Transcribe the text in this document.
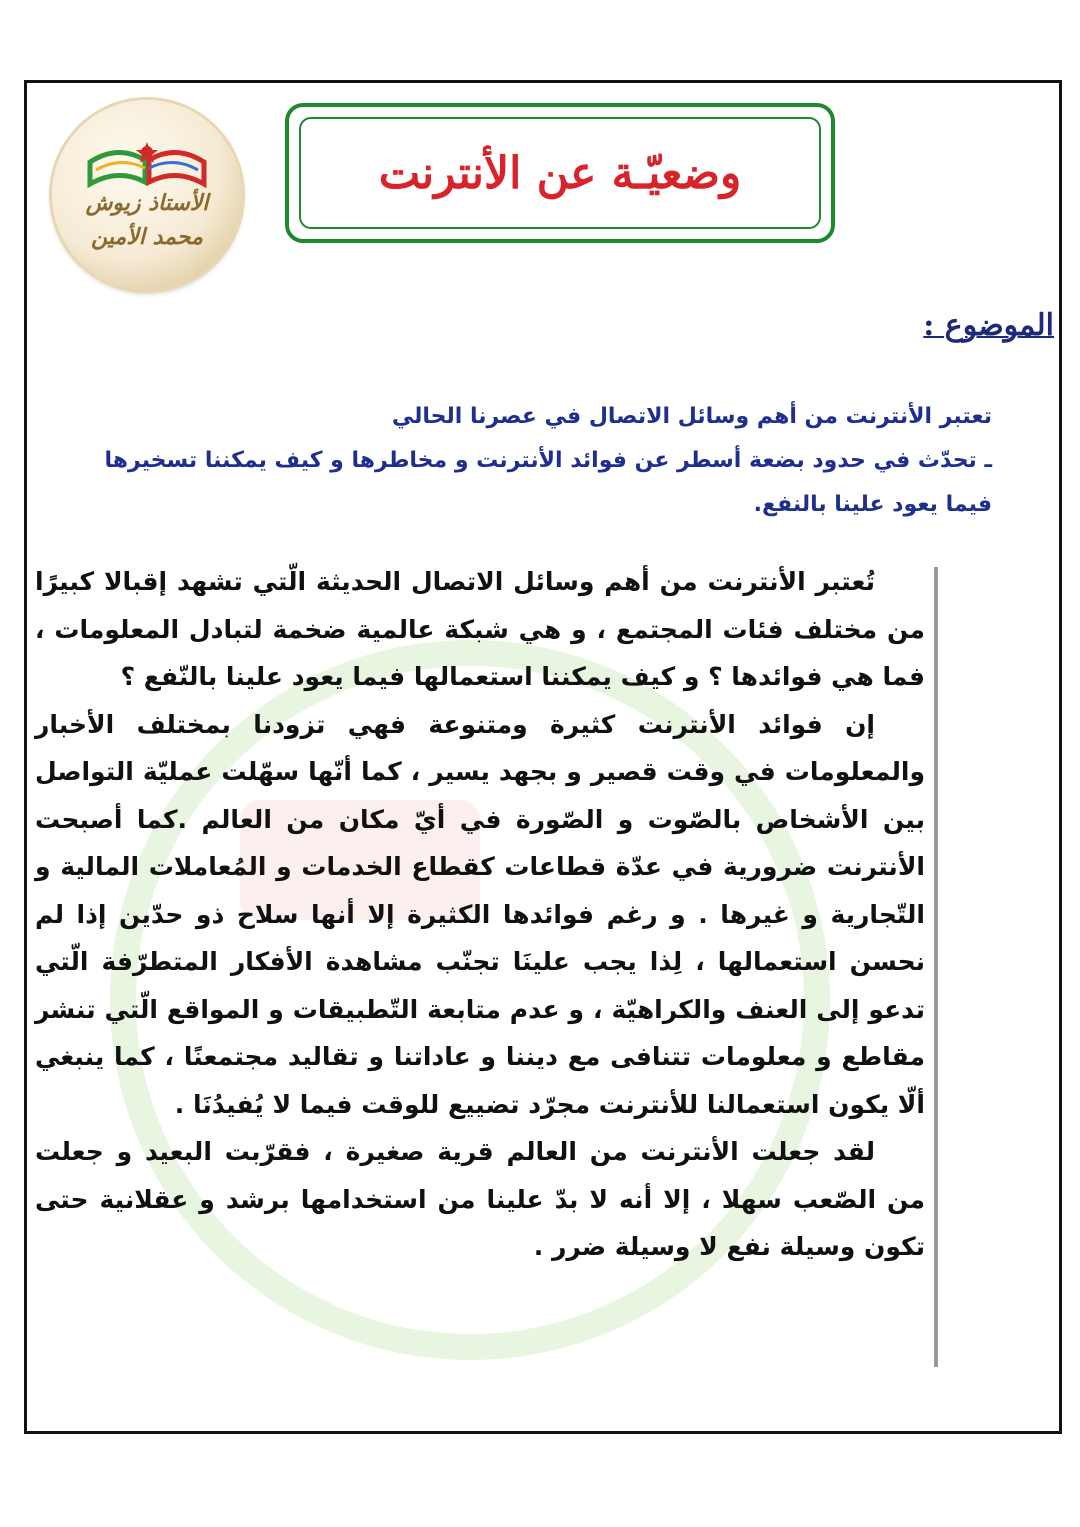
الأستاذ زيوش
محمد الأمين
وضعيّـة عن الأنترنت
الموضوع :

تعتبر الأنترنت من أهم وسائل الاتصال في عصرنا الحالي

ـ تحدّث في حدود بضعة أسطر عن فوائد الأنترنت و مخاطرها و كيف يمكننا تسخيرها فيما يعود علينا بالنفع.

تُعتبر الأنترنت من أهم وسائل الاتصال الحديثة الّتي تشهد إقبالا كبيرًا من مختلف فئات المجتمع ، و هي شبكة عالمية ضخمة لتبادل المعلومات ، فما هي فوائدها ؟ و كيف يمكننا استعمالها فيما يعود علينا بالنّفع ؟

إن فوائد الأنترنت كثيرة ومتنوعة فهي تزودنا بمختلف الأخبار والمعلومات في وقت قصير و بجهد يسير ، كما أنّها سهّلت عمليّة التواصل بين الأشخاص بالصّوت و الصّورة في أيّ مكان من العالم .كما أصبحت الأنترنت ضرورية في عدّة قطاعات كقطاع الخدمات و المُعاملات المالية و التّجارية و غيرها . و رغم فوائدها الكثيرة إلا أنها سلاح ذو حدّين إذا لم نحسن استعمالها ، لِذا يجب علينَا تجنّب مشاهدة الأفكار المتطرّفة الّتي تدعو إلى العنف والكراهيّة ، و عدم متابعة التّطبيقات و المواقع الّتي تنشر مقاطع و معلومات تتنافى مع ديننا و عاداتنا و تقاليد مجتمعنًا ، كما ينبغي ألّا يكون استعمالنا للأنترنت مجرّد تضييع للوقت فيما لا يُفيدُنَا .

لقد جعلت الأنترنت من العالم قرية صغيرة ، فقرّبت البعيد و جعلت من الصّعب سهلا ، إلا أنه لا بدّ علينا من استخدامها برشد و عقلانية حتى تكون وسيلة نفع لا وسيلة ضرر .
